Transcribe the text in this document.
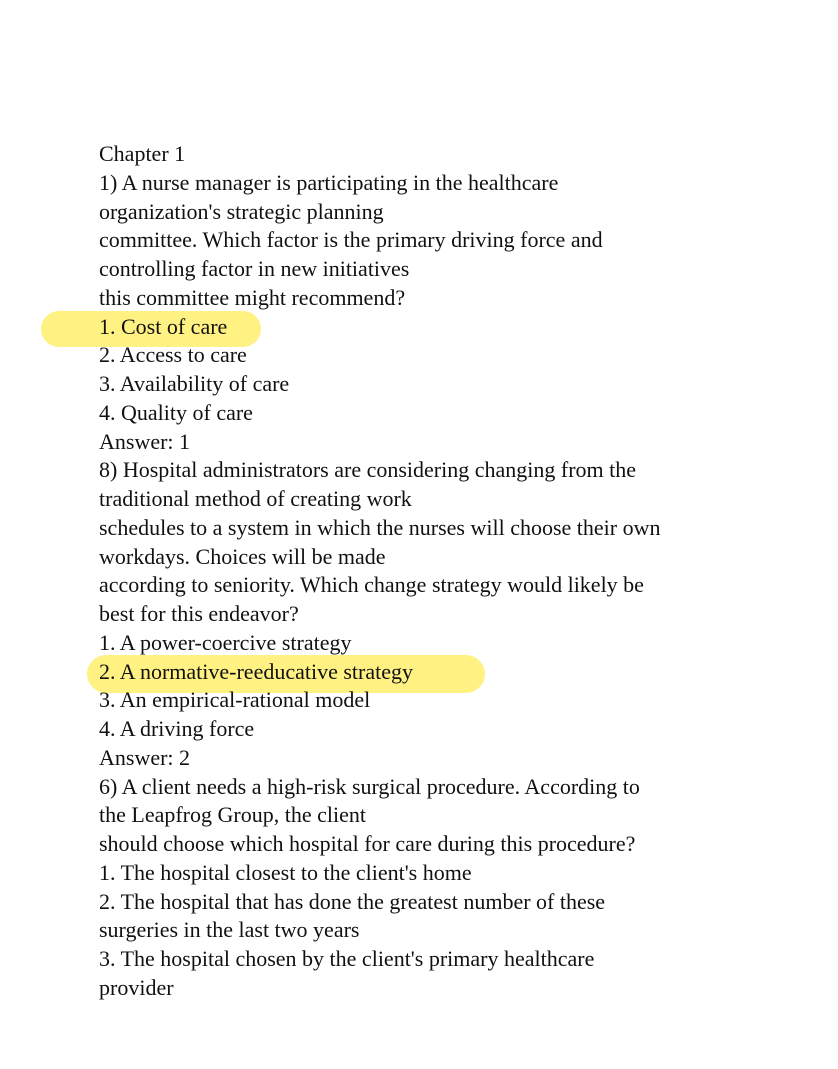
Chapter 1
1) A nurse manager is participating in the healthcare
organization's strategic planning
committee. Which factor is the primary driving force and
controlling factor in new initiatives
this committee might recommend?
1. Cost of care
2. Access to care
3. Availability of care
4. Quality of care
Answer: 1
8) Hospital administrators are considering changing from the
traditional method of creating work
schedules to a system in which the nurses will choose their own
workdays. Choices will be made
according to seniority. Which change strategy would likely be
best for this endeavor?
1. A power-coercive strategy
2. A normative-reeducative strategy
3. An empirical-rational model
4. A driving force
Answer: 2
6) A client needs a high-risk surgical procedure. According to
the Leapfrog Group, the client
should choose which hospital for care during this procedure?
1. The hospital closest to the client's home
2. The hospital that has done the greatest number of these
surgeries in the last two years
3. The hospital chosen by the client's primary healthcare
provider
